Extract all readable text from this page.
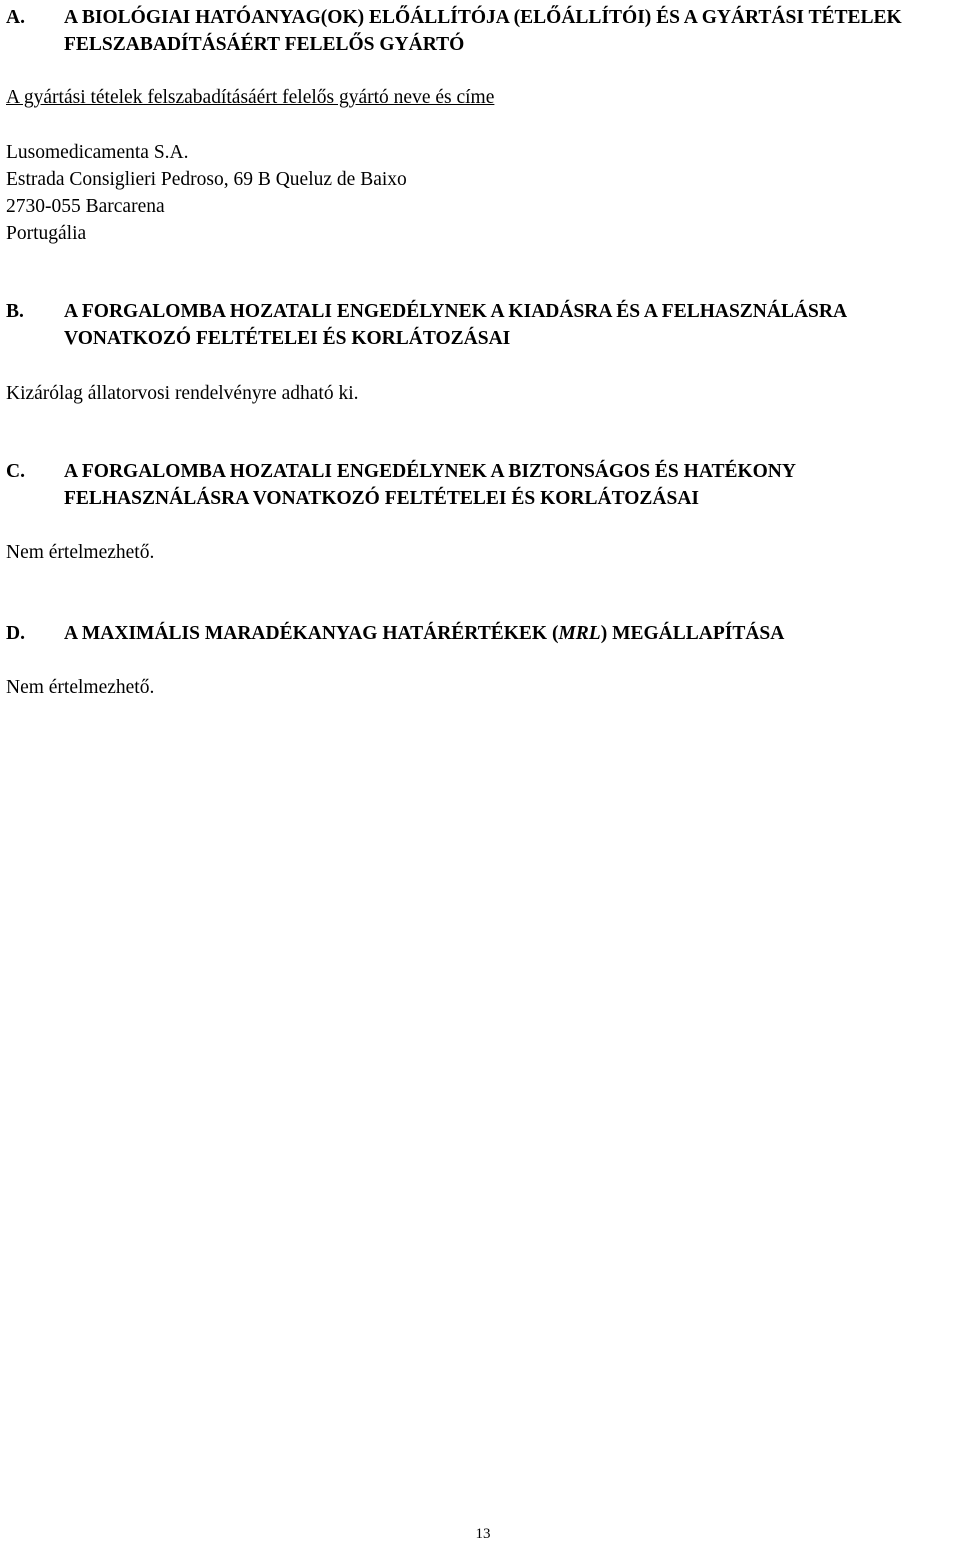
A. A BIOLÓGIAI HATÓANYAG(OK) ELŐÁLLÍTÓJA (ELŐÁLLÍTÓI) ÉS A GYÁRTÁSI TÉTELEK FELSZABADÍTÁSÁÉRT FELELŐS GYÁRTÓ
A gyártási tételek felszabadításáért felelős gyártó neve és címe
Lusomedicamenta S.A.
Estrada Consiglieri Pedroso, 69 B Queluz de Baixo
2730-055 Barcarena
Portugália
B. A FORGALOMBA HOZATALI ENGEDÉLYNEK A KIADÁSRA ÉS A FELHASZNÁLÁSRA VONATKOZÓ FELTÉTELEI ÉS KORLÁTOZÁSAI
Kizárólag állatorvosi rendelvényre adható ki.
C. A FORGALOMBA HOZATALI ENGEDÉLYNEK A BIZTONSÁGOS ÉS HATÉKONY FELHASZNÁLÁSRA VONATKOZÓ FELTÉTELEI ÉS KORLÁTOZÁSAI
Nem értelmezhető.
D. A MAXIMÁLIS MARADÉKANYAG HATÁRÉRTÉKEK (MRL) MEGÁLLAPÍTÁSA
Nem értelmezhető.
13
